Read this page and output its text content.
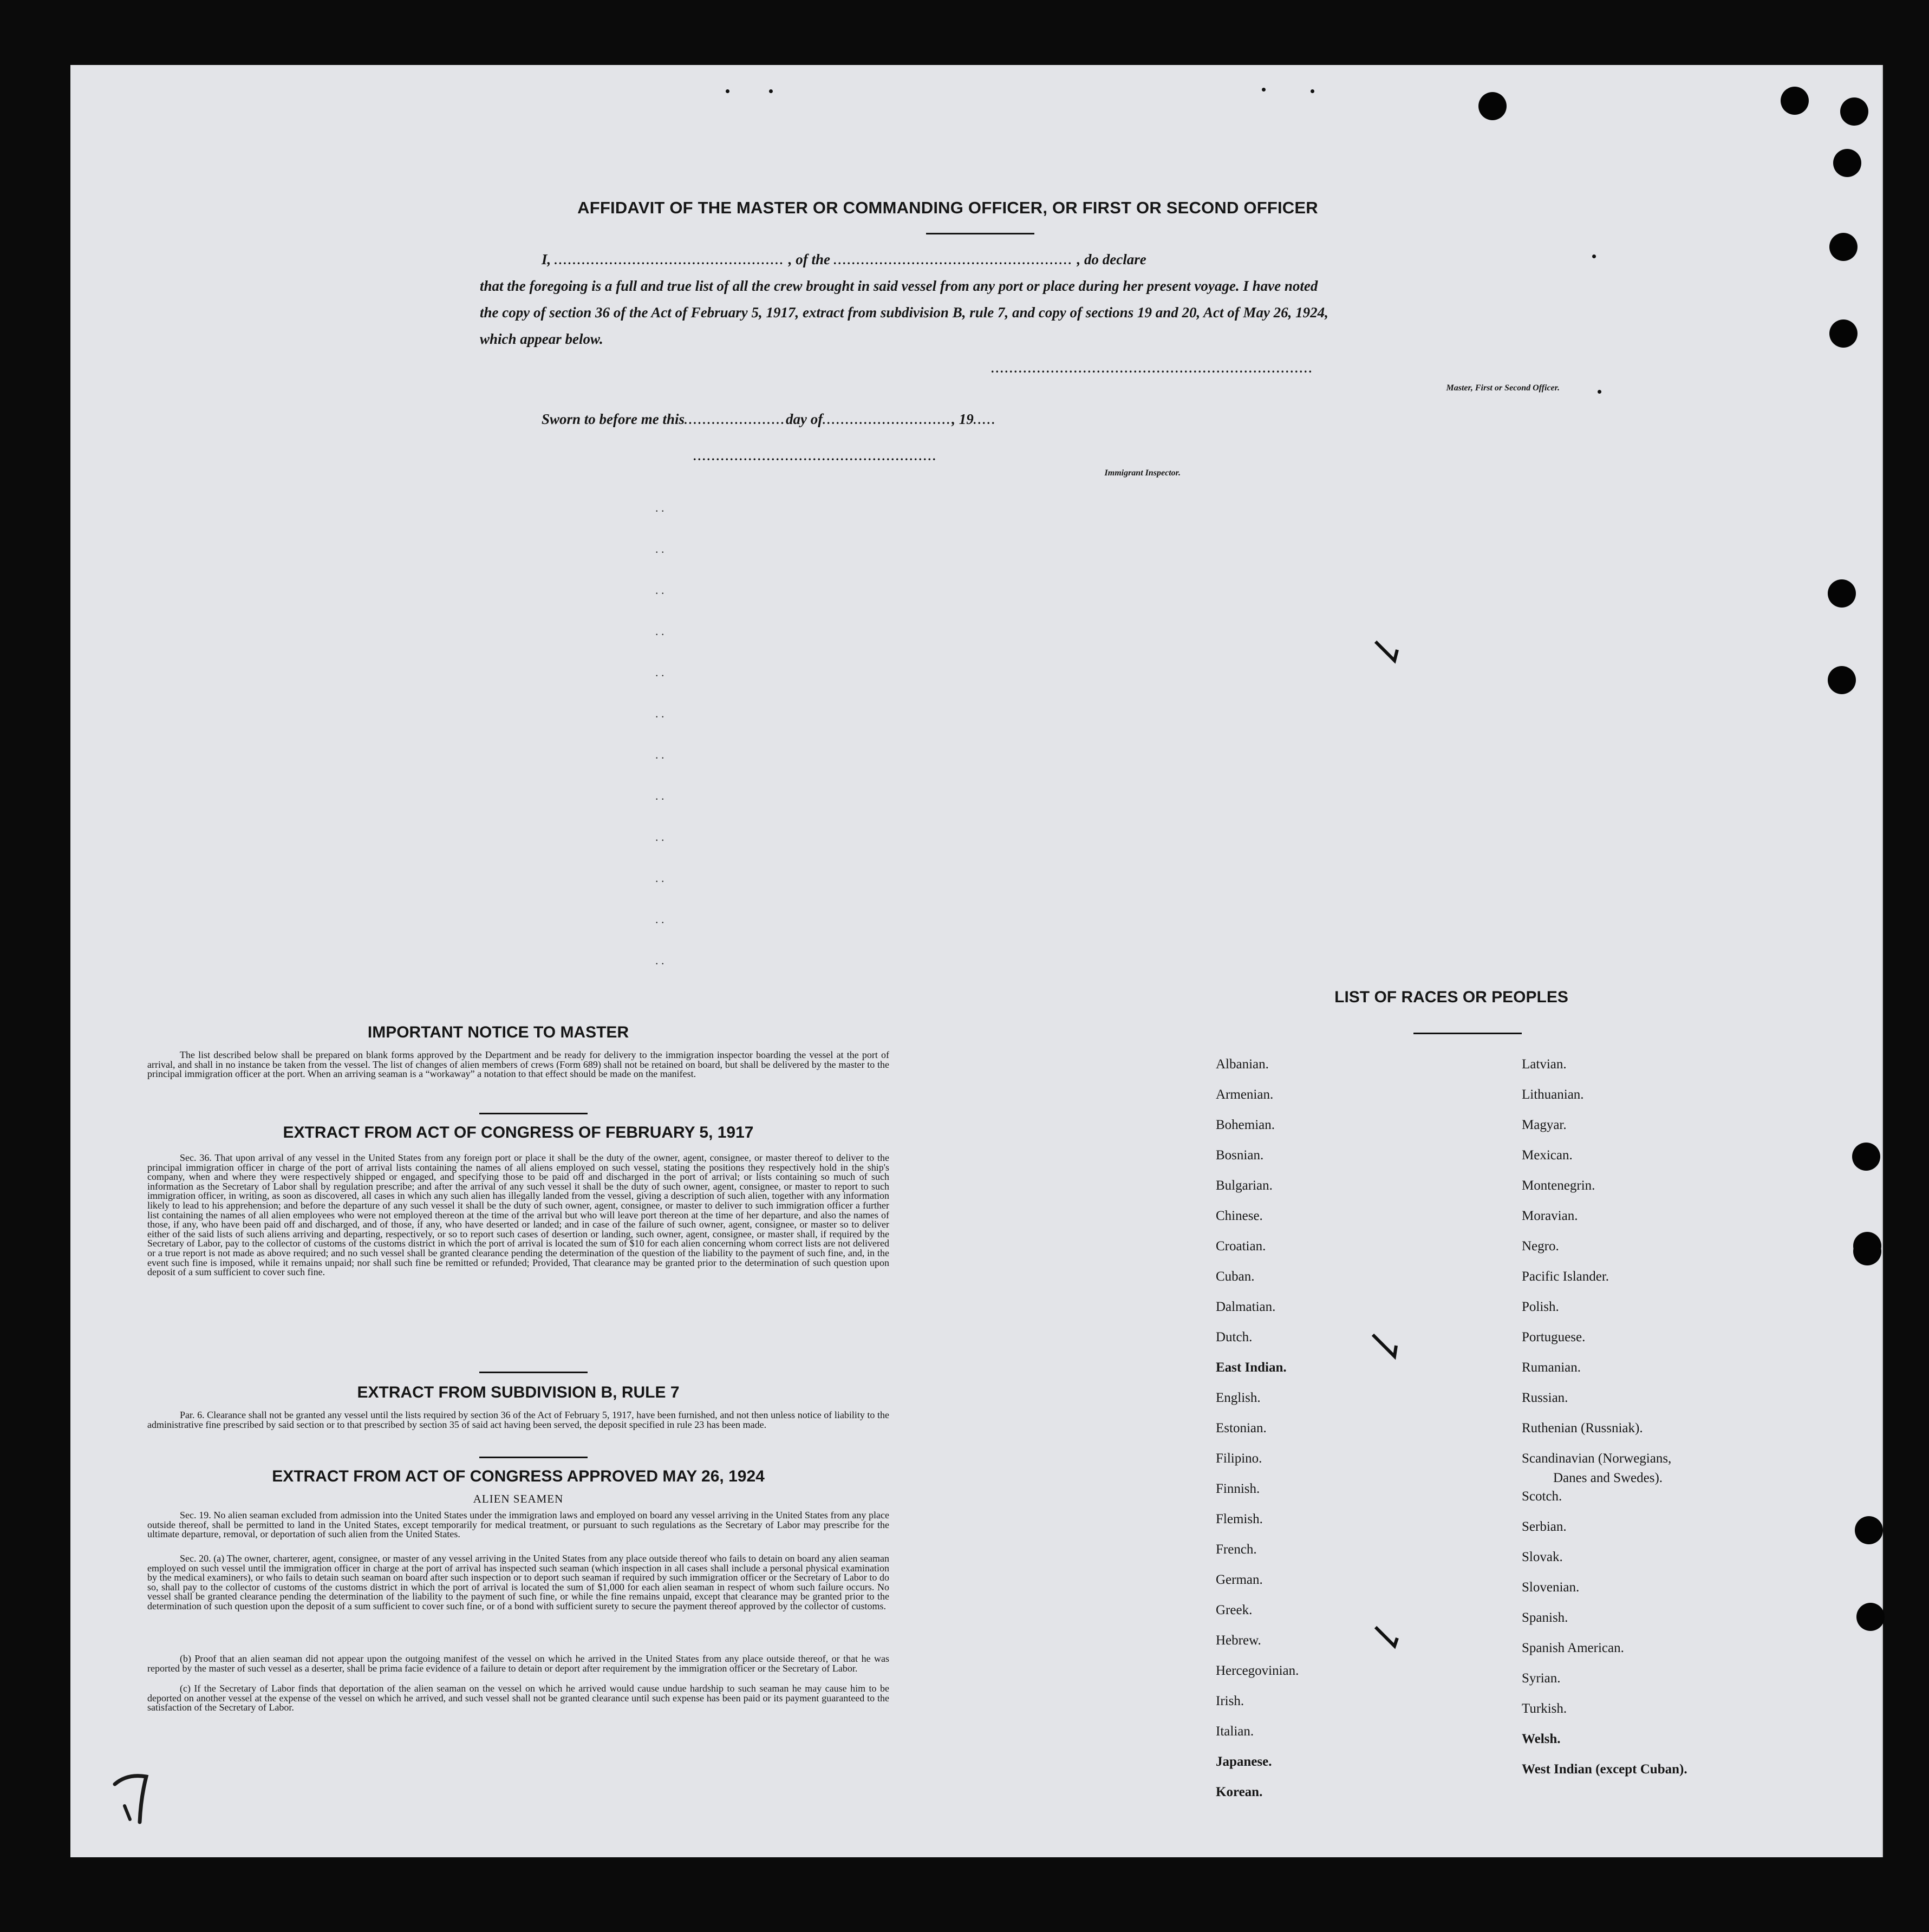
AFFIDAVIT OF THE MASTER OR COMMANDING OFFICER, OR FIRST OR SECOND OFFICER
I, .................................................. , of the .................................................... , do declare
that the foregoing is a full and true list of all the crew brought in said vessel from any port or place during her present voyage. I have noted
the copy of section 36 of the Act of February 5, 1917, extract from subdivision B, rule 7, and copy of sections 19 and 20, Act of May 26, 1924,
which appear below.
......................................................................
Master, First or Second Officer.
Sworn to before me this......................day of............................, 19.....
.....................................................
Immigrant Inspector.
. .
. .
. .
. .
. .
. .
. .
. .
. .
. .
. .
. .
IMPORTANT NOTICE TO MASTER
The list described below shall be prepared on blank forms approved by the Department and be ready for delivery to the immigration inspector boarding the vessel at the port of arrival, and shall in no instance be taken from the vessel. The list of changes of alien members of crews (Form 689) shall not be retained on board, but shall be delivered by the master to the principal immigration officer at the port. When an arriving seaman is a “workaway” a notation to that effect should be made on the manifest.
EXTRACT FROM ACT OF CONGRESS OF FEBRUARY 5, 1917
Sec. 36. That upon arrival of any vessel in the United States from any foreign port or place it shall be the duty of the owner, agent, consignee, or master thereof to deliver to the principal immigration officer in charge of the port of arrival lists containing the names of all aliens employed on such vessel, stating the positions they respectively hold in the ship's company, when and where they were respectively shipped or engaged, and specifying those to be paid off and discharged in the port of arrival; or lists containing so much of such information as the Secretary of Labor shall by regulation prescribe; and after the arrival of any such vessel it shall be the duty of such owner, agent, consignee, or master to report to such immigration officer, in writing, as soon as discovered, all cases in which any such alien has illegally landed from the vessel, giving a description of such alien, together with any information likely to lead to his apprehension; and before the departure of any such vessel it shall be the duty of such owner, agent, consignee, or master to deliver to such immigration officer a further list containing the names of all alien employees who were not employed thereon at the time of the arrival but who will leave port thereon at the time of her departure, and also the names of those, if any, who have been paid off and discharged, and of those, if any, who have deserted or landed; and in case of the failure of such owner, agent, consignee, or master so to deliver either of the said lists of such aliens arriving and departing, respectively, or so to report such cases of desertion or landing, such owner, agent, consignee, or master shall, if required by the Secretary of Labor, pay to the collector of customs of the customs district in which the port of arrival is located the sum of $10 for each alien concerning whom correct lists are not delivered or a true report is not made as above required; and no such vessel shall be granted clearance pending the determination of the question of the liability to the payment of such fine, and, in the event such fine is imposed, while it remains unpaid; nor shall such fine be remitted or refunded; Provided, That clearance may be granted prior to the determination of such question upon deposit of a sum sufficient to cover such fine.
EXTRACT FROM SUBDIVISION B, RULE 7
Par. 6. Clearance shall not be granted any vessel until the lists required by section 36 of the Act of February 5, 1917, have been furnished, and not then unless notice of liability to the administrative fine prescribed by said section or to that prescribed by section 35 of said act having been served, the deposit specified in rule 23 has been made.
EXTRACT FROM ACT OF CONGRESS APPROVED MAY 26, 1924
ALIEN SEAMEN
Sec. 19. No alien seaman excluded from admission into the United States under the immigration laws and employed on board any vessel arriving in the United States from any place outside thereof, shall be permitted to land in the United States, except temporarily for medical treatment, or pursuant to such regulations as the Secretary of Labor may prescribe for the ultimate departure, removal, or deportation of such alien from the United States.
Sec. 20. (a) The owner, charterer, agent, consignee, or master of any vessel arriving in the United States from any place outside thereof who fails to detain on board any alien seaman employed on such vessel until the immigration officer in charge at the port of arrival has inspected such seaman (which inspection in all cases shall include a personal physical examination by the medical examiners), or who fails to detain such seaman on board after such inspection or to deport such seaman if required by such immigration officer or the Secretary of Labor to do so, shall pay to the collector of customs of the customs district in which the port of arrival is located the sum of $1,000 for each alien seaman in respect of whom such failure occurs. No vessel shall be granted clearance pending the determination of the liability to the payment of such fine, or while the fine remains unpaid, except that clearance may be granted prior to the determination of such question upon the deposit of a sum sufficient to cover such fine, or of a bond with sufficient surety to secure the payment thereof approved by the collector of customs.
(b) Proof that an alien seaman did not appear upon the outgoing manifest of the vessel on which he arrived in the United States from any place outside thereof, or that he was reported by the master of such vessel as a deserter, shall be prima facie evidence of a failure to detain or deport after requirement by the immigration officer or the Secretary of Labor.
(c) If the Secretary of Labor finds that deportation of the alien seaman on the vessel on which he arrived would cause undue hardship to such seaman he may cause him to be deported on another vessel at the expense of the vessel on which he arrived, and such vessel shall not be granted clearance until such expense has been paid or its payment guaranteed to the satisfaction of the Secretary of Labor.
LIST OF RACES OR PEOPLES
Albanian.
Armenian.
Bohemian.
Bosnian.
Bulgarian.
Chinese.
Croatian.
Cuban.
Dalmatian.
Dutch.
East Indian.
English.
Estonian.
Filipino.
Finnish.
Flemish.
French.
German.
Greek.
Hebrew.
Hercegovinian.
Irish.
Italian.
Japanese.
Korean.
Latvian.
Lithuanian.
Magyar.
Mexican.
Montenegrin.
Moravian.
Negro.
Pacific Islander.
Polish.
Portuguese.
Rumanian.
Russian.
Ruthenian (Russniak).
Scandinavian (Norwegians,
Danes and Swedes).
Scotch.
Serbian.
Slovak.
Slovenian.
Spanish.
Spanish American.
Syrian.
Turkish.
Welsh.
West Indian (except Cuban).
